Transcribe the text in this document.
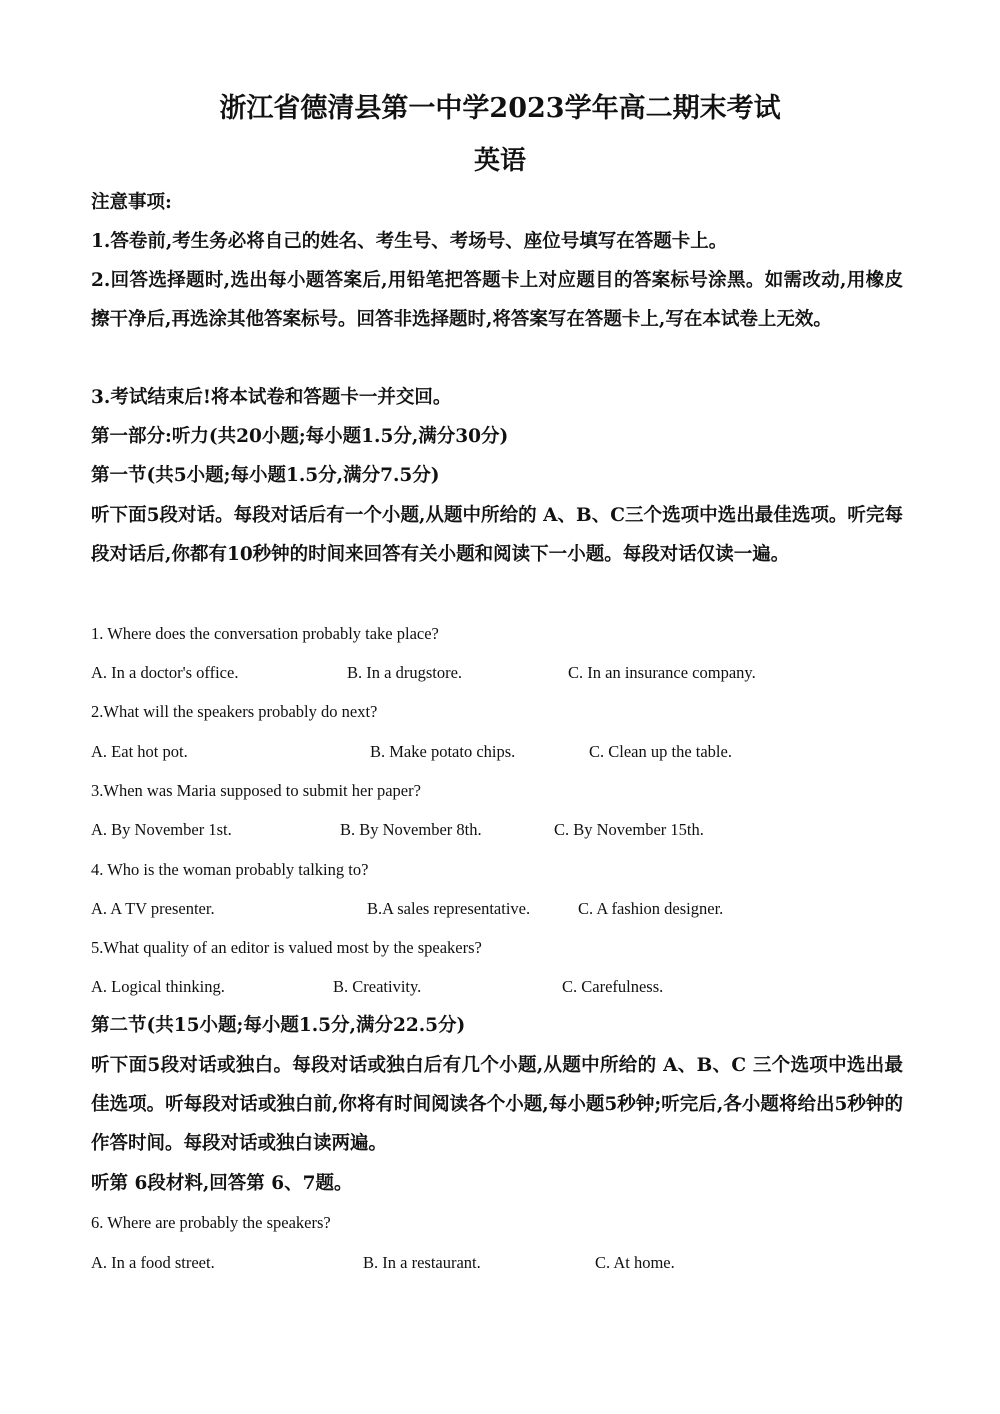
浙江省德清县第一中学2023学年高二期末考试
英语
注意事项:
1.答卷前,考生务必将自己的姓名、考生号、考场号、座位号填写在答题卡上。
2.回答选择题时,选出每小题答案后,用铅笔把答题卡上对应题目的答案标号涂黑。如需改动,用橡皮擦干净后,再选涂其他答案标号。回答非选择题时,将答案写在答题卡上,写在本试卷上无效。
3.考试结束后!将本试卷和答题卡一并交回。
第一部分:听力(共20小题;每小题1.5分,满分30分)
第一节(共5小题;每小题1.5分,满分7.5分)
听下面5段对话。每段对话后有一个小题,从题中所给的 A、B、C三个选项中选出最佳选项。听完每段对话后,你都有10秒钟的时间来回答有关小题和阅读下一小题。每段对话仅读一遍。
1. Where does the conversation probably take place?
A. In a doctor's office.	B. In a drugstore.	C. In an insurance company.
2.What will the speakers probably do next?
A. Eat hot pot.	B. Make potato chips.	C. Clean up the table.
3.When was Maria supposed to submit her paper?
A. By November 1st.	B. By November 8th.	C. By November 15th.
4. Who is the woman probably talking to?
A. A TV presenter.	B.A sales representative.	C. A fashion designer.
5.What quality of an editor is valued most by the speakers?
A. Logical thinking.	B. Creativity.	C. Carefulness.
第二节(共15小题;每小题1.5分,满分22.5分)
听下面5段对话或独白。每段对话或独白后有几个小题,从题中所给的 A、B、C 三个选项中选出最佳选项。听每段对话或独白前,你将有时间阅读各个小题,每小题5秒钟;听完后,各小题将给出5秒钟的作答时间。每段对话或独白读两遍。
听第 6段材料,回答第 6、7题。
6. Where are probably the speakers?
A. In a food street.	B. In a restaurant.	C. At home.
